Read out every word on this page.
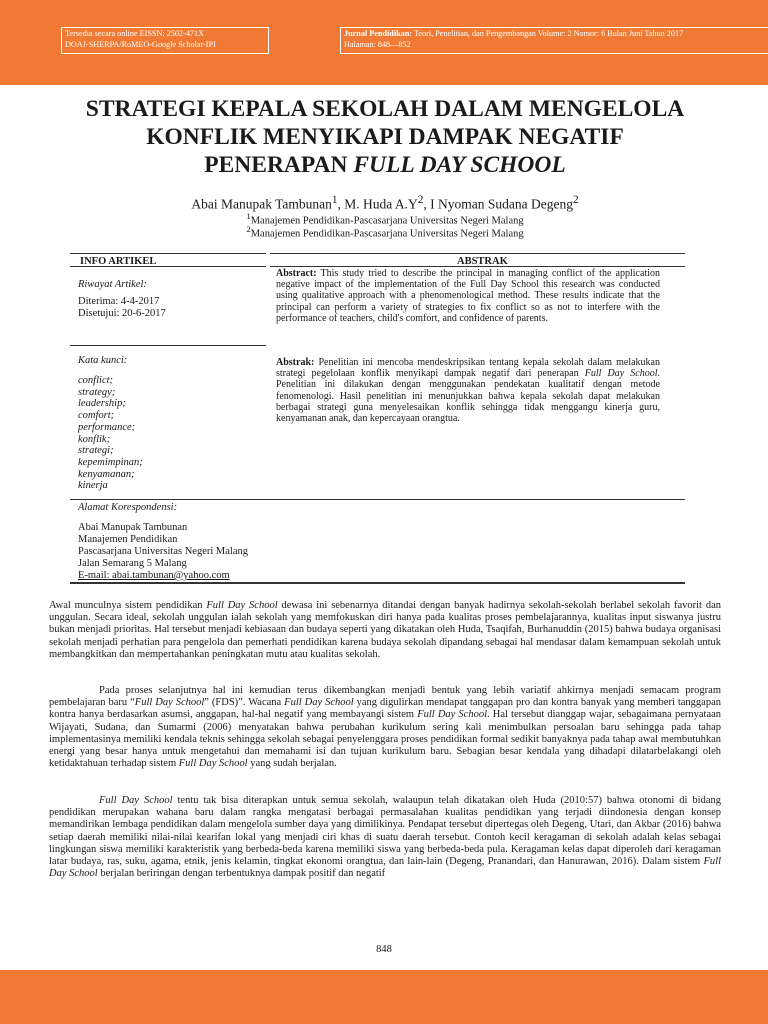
Tersedia secara online EISSN: 2502-471X
DOAJ-SHERPA/RoMEO-Google Scholar-IPI
Jurnal Pendidikan: Teori, Penelitian, dan Pengembangan Volume: 2 Nomor: 6 Bulan Juni Tahun 2017
Halaman: 848—852
STRATEGI KEPALA SEKOLAH DALAM MENGELOLA
KONFLIK MENYIKAPI DAMPAK NEGATIF
PENERAPAN FULL DAY SCHOOL

Abai Manupak Tambunan$^1$, M. Huda $A.Y^2$, I Nyoman Sudana Degeng$^2$

$^1$Manajemen Pendidikan-Pascasarjana Universitas Negeri Malang

$^2$Manajemen Pendidikan-Pascasarjana Universitas Negeri Malang

INFO ARTIKEL	ABSTRAK

Riwayat Artikel:

Diterima: 4-4-2017

Disetujui: 20-6-2017

Kata kunci:

conflict;
strategy;
leadership;
comfort;
performance;
konflik;
strategi;
kepemimpinan;
kenyamanan;
kinerja

Alamat Korespondensi:

Abai Manupak Tambunan

Manajemen Pendidikan

Pascasarjana Universitas Negeri Malang

Jalan Semarang 5 Malang

E-mail: abai.tambunan@yahoo.com

Abstract: This study tried to describe the principal in managing conflict of the application negative impact of the implementation of the Full Day School this research was conducted using qualitative approach with a phenomenological method. These results indicate that the principal can perform a variety of strategies to fix conflict so as not to interfere with the performance of teachers, child's comfort, and confidence of parents.

Abstrak: Penelitian ini mencoba mendeskripsikan tentang kepala sekolah dalam melakukan strategi pegelolaan konflik menyikapi dampak negatif dari penerapan Full Day School. Penelitian ini dilakukan dengan menggunakan pendekatan kualitatif dengan metode fenomenologi. Hasil penelitian ini menunjukkan bahwa kepala sekolah dapat melakukan berbagai strategi guna menyelesaikan konflik sehingga tidak menggangu kinerja guru, kenyamanan anak, dan kepercayaan orangtua.

Awal munculnya sistem pendidikan Full Day School dewasa ini sebenarnya ditandai dengan banyak hadirnya sekolah-sekolah berlabel sekolah favorit dan unggulan. Secara ideal, sekolah unggulan ialah sekolah yang memfokuskan diri hanya pada kualitas proses pembelajarannya, kualitas input siswanya justru bukan menjadi prioritas. Hal tersebut menjadi kebiasaan dan budaya seperti yang dikatakan oleh Huda, Tsaqifah, Burhanuddin (2015) bahwa budaya organisasi sekolah menjadi perhatian para pengelola dan pemerhati pendidikan karena budaya sekolah dipandang sebagai hal mendasar dalam kemampuan sekolah untuk membangkitkan dan mempertahankan peningkatan mutu atau kualitas sekolah.

Pada proses selanjutnya hal ini kemudian terus dikembangkan menjadi bentuk yang lebih variatif ahkirnya menjadi semacam program pembelajaran baru “Full Day School” (FDS)”. Wacana Full Day School yang digulirkan mendapat tanggapan pro dan kontra banyak yang memberi tanggapan kontra hanya berdasarkan asumsi, anggapan, hal-hal negatif yang membayangi sistem Full Day School. Hal tersebut dianggap wajar, sebagaimana pernyataan Wijayati, Sudana, dan Sumarmi (2006) menyatakan bahwa perubahan kurikulum sering kali menimbulkan persoalan baru sehingga pada tahap implementasinya memiliki kendala teknis sehingga sekolah sebagai penyelenggara proses pendidikan formal sedikit banyaknya pada tahap awal membutuhkan energi yang besar hanya untuk mengetahui dan memahami isi dan tujuan kurikulum baru. Sebagian besar kendala yang dihadapi dilatarbelakangi oleh ketidaktahuan terhadap sistem Full Day School yang sudah berjalan.

Full Day School tentu tak bisa diterapkan untuk semua sekolah, walaupun telah dikatakan oleh Huda (2010:57) bahwa otonomi di bidang pendidikan merupakan wahana baru dalam rangka mengatasi berbagai permasalahan kualitas pendidikan yang terjadi diindonesia dengan konsep memandirikan lembaga pendidikan dalam mengelola sumber daya yang dimilikinya. Pendapat tersebut dipertegas oleh Degeng, Utari, dan Akbar (2016) bahwa setiap daerah memiliki nilai-nilai kearifan lokal yang menjadi ciri khas di suatu daerah tersebut. Contoh kecil keragaman di sekolah adalah kelas sebagai lingkungan siswa memiliki karakteristik yang berbeda-beda karena memiliki siswa yang berbeda-beda pula. Keragaman kelas dapat diperoleh dari keragaman latar budaya, ras, suku, agama, etnik, jenis kelamin, tingkat ekonomi orangtua, dan lain-lain (Degeng, Pranandari, dan Hanurawan, 2016). Dalam sistem Full Day School berjalan beriringan dengan terbentuknya dampak positif dan negatif

848
